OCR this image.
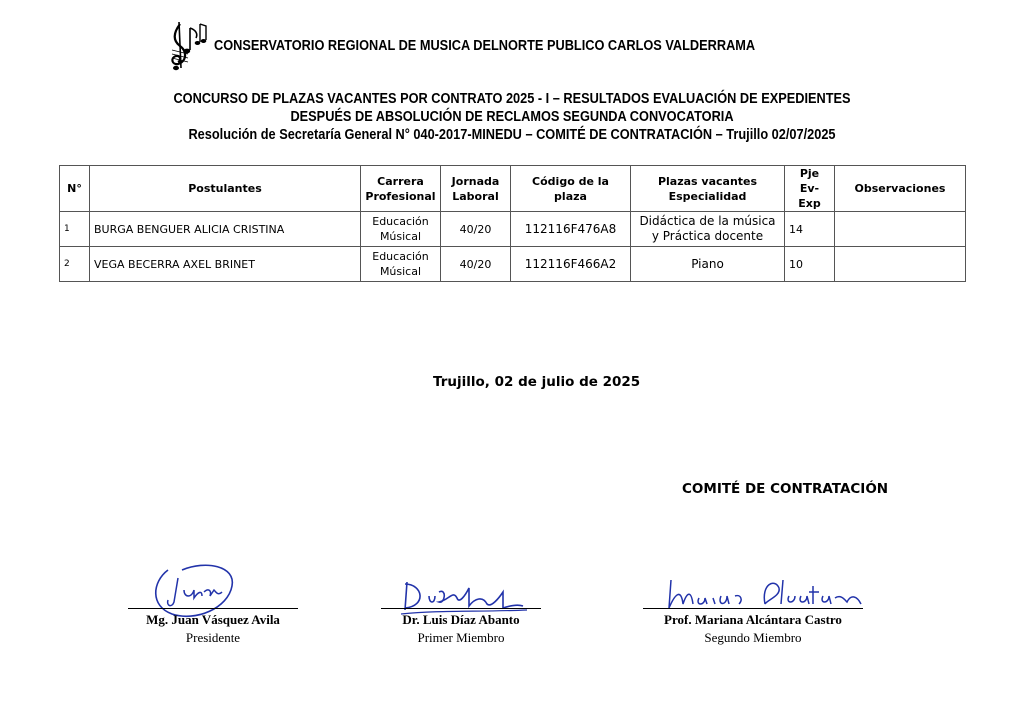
CONSERVATORIO REGIONAL DE MUSICA DELNORTE PUBLICO CARLOS VALDERRAMA
CONCURSO DE PLAZAS VACANTES POR CONTRATO 2025 - I – RESULTADOS EVALUACIÓN DE EXPEDIENTES
DESPUÉS DE ABSOLUCIÓN DE RECLAMOS SEGUNDA CONVOCATORIA
Resolución de Secretaría General N° 040-2017-MINEDU – COMITÉ DE CONTRATACIÓN – Trujillo 02/07/2025
N°	Postulantes	Carrera Profesional	Jornada Laboral	Código de la plaza	Plazas vacantes Especialidad	Pje Ev-Exp	Observaciones
1	BURGA BENGUER ALICIA CRISTINA	Educación Músical	40/20	112116F476A8	Didáctica de la música y Práctica docente	14	
2	VEGA BECERRA AXEL BRINET	Educación Músical	40/20	112116F466A2	Piano	10	
Trujillo, 02 de julio de 2025
COMITÉ DE CONTRATACIÓN
Mg. Juan Vásquez Avila
Presidente
Dr. Luis Díaz Abanto
Primer Miembro
Prof. Mariana Alcántara Castro
Segundo Miembro
